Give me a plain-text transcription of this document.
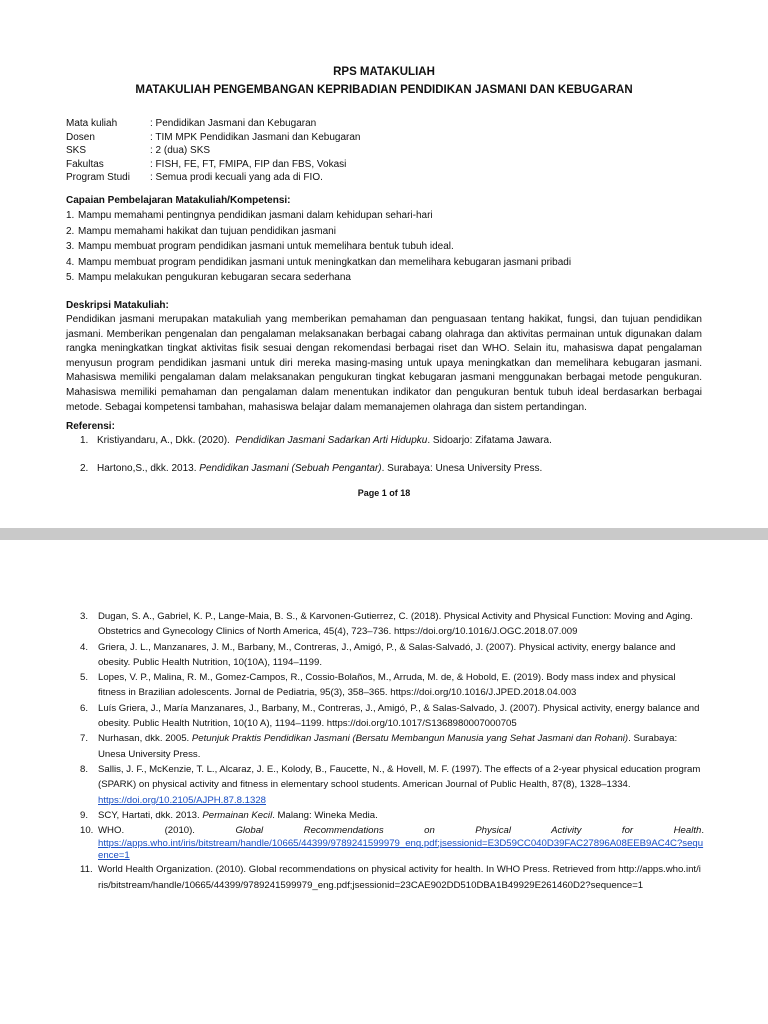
RPS MATAKULIAH
MATAKULIAH PENGEMBANGAN KEPRIBADIAN PENDIDIKAN JASMANI DAN KEBUGARAN
Mata kuliah	: Pendidikan Jasmani dan Kebugaran
Dosen	: TIM MPK Pendidikan Jasmani dan Kebugaran
SKS	: 2 (dua) SKS
Fakultas	: FISH, FE, FT, FMIPA, FIP dan FBS, Vokasi
Program Studi	: Semua prodi kecuali yang ada di FIO.
Capaian Pembelajaran Matakuliah/Kompetensi:
1. Mampu memahami pentingnya pendidikan jasmani dalam kehidupan sehari-hari
2. Mampu memahami hakikat dan tujuan pendidikan jasmani
3. Mampu membuat program pendidikan jasmani untuk memelihara bentuk tubuh ideal.
4. Mampu membuat program pendidikan jasmani untuk meningkatkan dan memelihara kebugaran jasmani pribadi
5. Mampu melakukan pengukuran kebugaran secara sederhana
Deskripsi Matakuliah:
Pendidikan jasmani merupakan matakuliah yang memberikan pemahaman dan penguasaan tentang hakikat, fungsi, dan tujuan pendidikan jasmani. Memberikan pengenalan dan pengalaman melaksanakan berbagai cabang olahraga dan aktivitas permainan untuk digunakan dalam rangka meningkatkan tingkat aktivitas fisik sesuai dengan rekomendasi berbagai riset dan WHO. Selain itu, mahasiswa dapat pengalaman menyusun program pendidikan jasmani untuk diri mereka masing-masing untuk upaya meningkatkan dan memelihara kebugaran jasmani. Mahasiswa memiliki pengalaman dalam melaksanakan pengukuran tingkat kebugaran jasmani menggunakan berbagai metode pengukuran. Mahasiswa memiliki pemahaman dan pengalaman dalam menentukan indikator dan pengukuran bentuk tubuh ideal berdasarkan berbagai metode. Sebagai kompetensi tambahan, mahasiswa belajar dalam memanajemen olahraga dan sistem pertandingan.
Referensi:
1. Kristiyandaru, A., Dkk. (2020).  Pendidikan Jasmani Sadarkan Arti Hidupku. Sidoarjo: Zifatama Jawara.
2. Hartono,S., dkk. 2013. Pendidikan Jasmani (Sebuah Pengantar). Surabaya: Unesa University Press.
Page 1 of 18
3.	Dugan, S. A., Gabriel, K. P., Lange-Maia, B. S., & Karvonen-Gutierrez, C. (2018). Physical Activity and Physical Function: Moving and Aging. Obstetrics and Gynecology Clinics of North America, 45(4), 723–736. https://doi.org/10.1016/J.OGC.2018.07.009
4.	Griera, J. L., Manzanares, J. M., Barbany, M., Contreras, J., Amigó, P., & Salas-Salvadó, J. (2007). Physical activity, energy balance and obesity. Public Health Nutrition, 10(10A), 1194–1199.
5.	Lopes, V. P., Malina, R. M., Gomez-Campos, R., Cossio-Bolaños, M., Arruda, M. de, & Hobold, E. (2019). Body mass index and physical fitness in Brazilian adolescents. Jornal de Pediatria, 95(3), 358–365. https://doi.org/10.1016/J.JPED.2018.04.003
6.	Luís Griera, J., María Manzanares, J., Barbany, M., Contreras, J., Amigó, P., & Salas-Salvado, J. (2007). Physical activity, energy balance and obesity. Public Health Nutrition, 10(10 A), 1194–1199. https://doi.org/10.1017/S1368980007000705
7.	Nurhasan, dkk. 2005. Petunjuk Praktis Pendidikan Jasmani (Bersatu Membangun Manusia yang Sehat Jasmani dan Rohani). Surabaya: Unesa University Press.
8.	Sallis, J. F., McKenzie, T. L., Alcaraz, J. E., Kolody, B., Faucette, N., & Hovell, M. F. (1997). The effects of a 2-year physical education program (SPARK) on physical activity and fitness in elementary school students. American Journal of Public Health, 87(8), 1328–1334.
https://doi.org/10.2105/AJPH.87.8.1328
9.	SCY, Hartati, dkk. 2013. Permainan Kecil. Malang: Wineka Media.
10. WHO.           (2010).           Global           Recommendations           on           Physical           Activity           for           Health.
https://apps.who.int/iris/bitstream/handle/10665/44399/9789241599979_eng.pdf;jsessionid=E3D59CC040D39FAC27896A08EEB9AC4C?sequence=1
11. World Health Organization. (2010). Global recommendations on physical activity for health. In WHO Press. Retrieved from http://apps.who.int/iris/bitstream/handle/10665/44399/9789241599979_eng.pdf;jsessionid=23CAE902DD510DBA1B49929E261460D2?sequence=1
